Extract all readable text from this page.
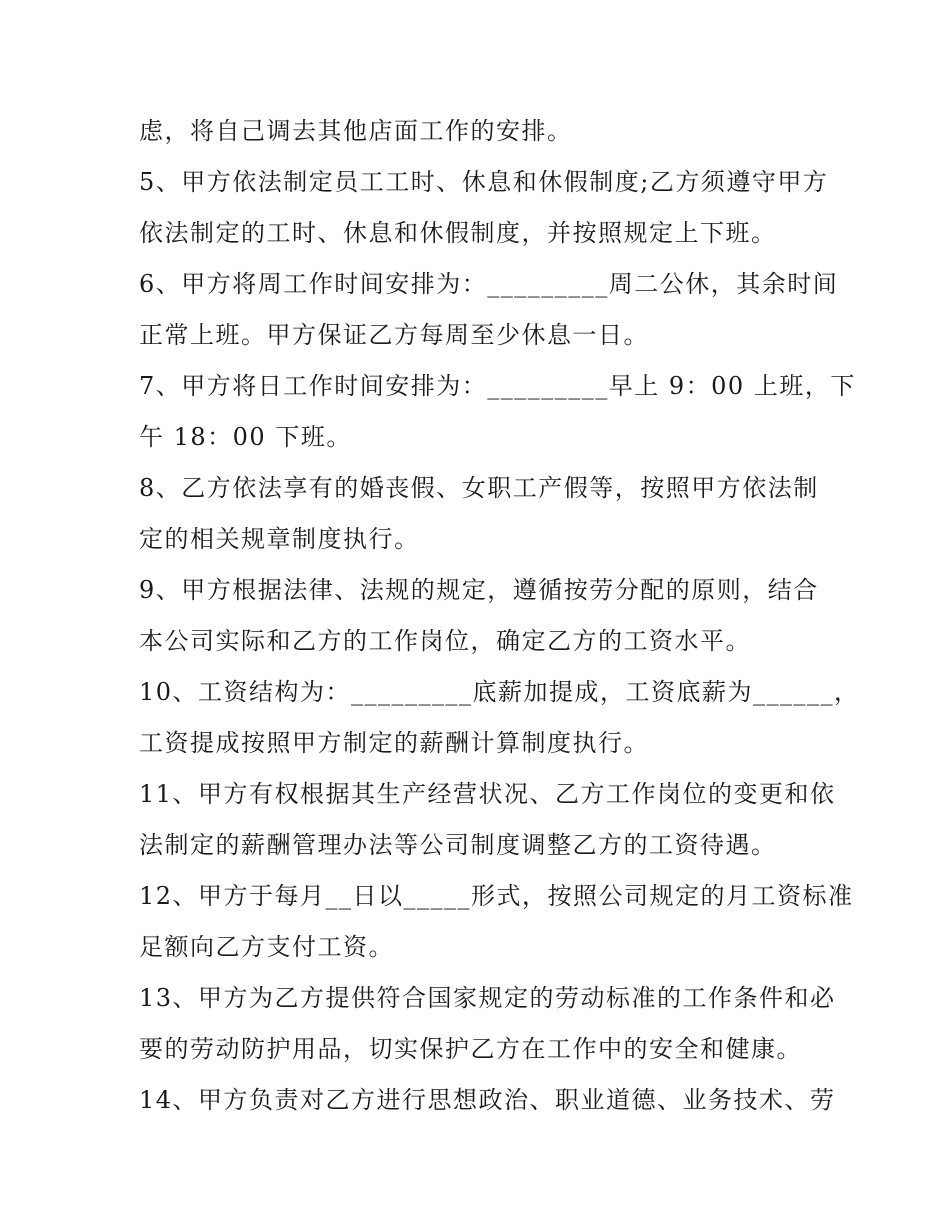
虑，将自己调去其他店面工作的安排。
5、甲方依法制定员工工时、休息和休假制度;乙方须遵守甲方
依法制定的工时、休息和休假制度，并按照规定上下班。
6、甲方将周工作时间安排为：_________周二公休，其余时间
正常上班。甲方保证乙方每周至少休息一日。
7、甲方将日工作时间安排为：_________早上 9：00 上班，下
午 18：00 下班。
8、乙方依法享有的婚丧假、女职工产假等，按照甲方依法制
定的相关规章制度执行。
9、甲方根据法律、法规的规定，遵循按劳分配的原则，结合
本公司实际和乙方的工作岗位，确定乙方的工资水平。
10、工资结构为：_________底薪加提成，工资底薪为______，
工资提成按照甲方制定的薪酬计算制度执行。
11、甲方有权根据其生产经营状况、乙方工作岗位的变更和依
法制定的薪酬管理办法等公司制度调整乙方的工资待遇。
12、甲方于每月__日以_____形式，按照公司规定的月工资标准
足额向乙方支付工资。
13、甲方为乙方提供符合国家规定的劳动标准的工作条件和必
要的劳动防护用品，切实保护乙方在工作中的安全和健康。
14、甲方负责对乙方进行思想政治、职业道德、业务技术、劳
